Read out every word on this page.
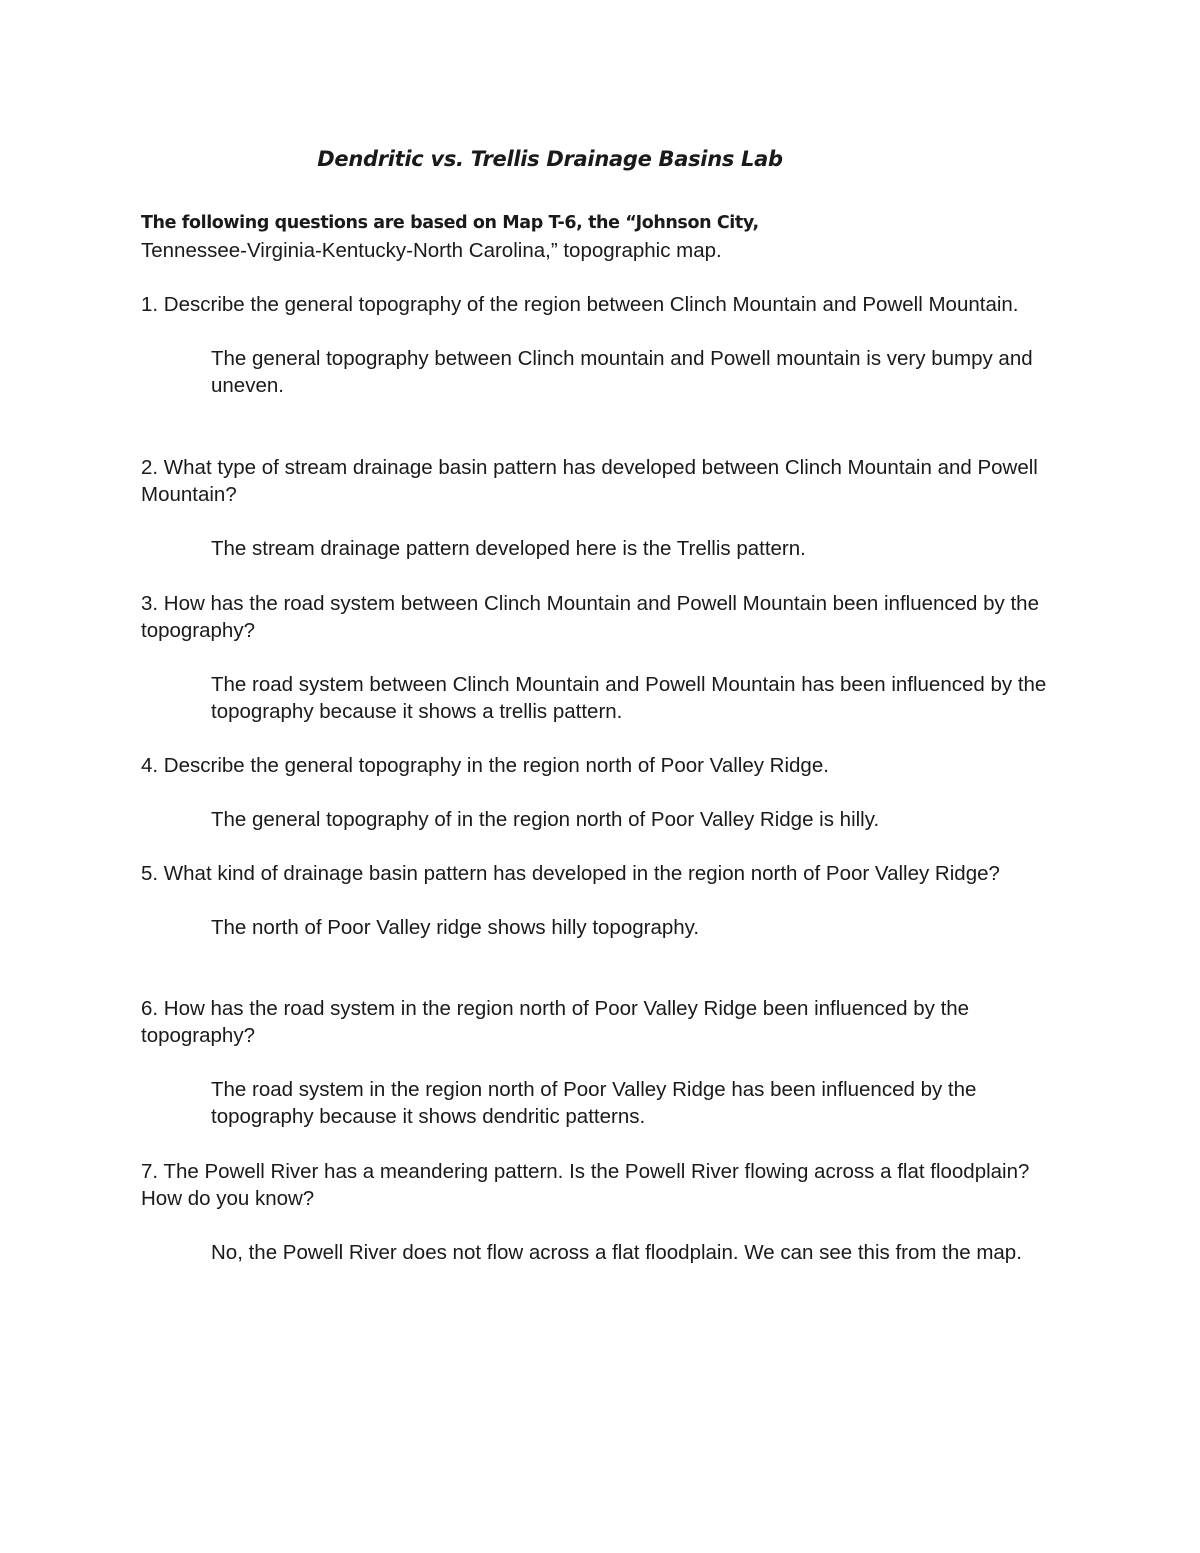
Dendritic vs. Trellis Drainage Basins Lab

The following questions are based on Map T-6, the “Johnson City,
Tennessee-Virginia-Kentucky-North Carolina,” topographic map.

1. Describe the general topography of the region between Clinch Mountain and Powell Mountain.

The general topography between Clinch mountain and Powell mountain is very bumpy and uneven.

2. What type of stream drainage basin pattern has developed between Clinch Mountain and Powell Mountain?

The stream drainage pattern developed here is the Trellis pattern.

3. How has the road system between Clinch Mountain and Powell Mountain been influenced by the topography?

The road system between Clinch Mountain and Powell Mountain has been influenced by the topography because it shows a trellis pattern.

4. Describe the general topography in the region north of Poor Valley Ridge.

The general topography of in the region north of Poor Valley Ridge is hilly.

5. What kind of drainage basin pattern has developed in the region north of Poor Valley Ridge?

The north of Poor Valley ridge shows hilly topography.

6. How has the road system in the region north of Poor Valley Ridge been influenced by the topography?

The road system in the region north of Poor Valley Ridge has been influenced by the topography because it shows dendritic patterns.

7. The Powell River has a meandering pattern. Is the Powell River flowing across a flat floodplain? How do you know?

No, the Powell River does not flow across a flat floodplain. We can see this from the map.
